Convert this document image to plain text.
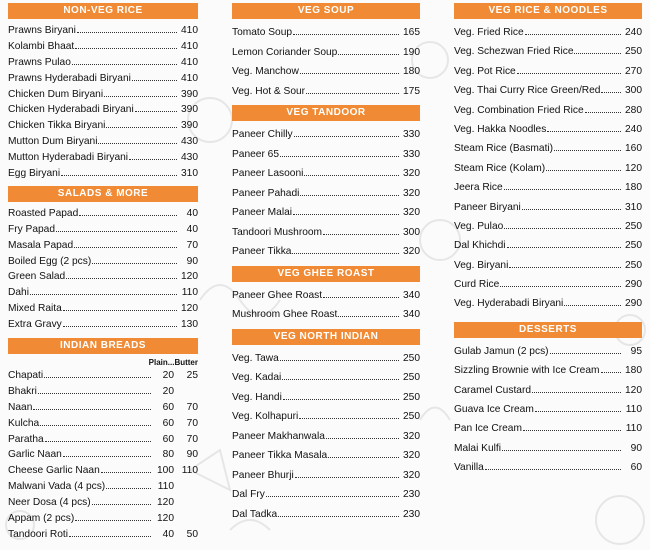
NON-VEG RICE
Prawns Biryani	410
Kolambi Bhaat	410
Prawns Pulao	410
Prawns Hyderabadi Biryani	410
Chicken Dum Biryani	390
Chicken Hyderabadi Biryani	390
Chicken Tikka Biryani	390
Mutton Dum Biryani	430
Mutton Hyderabadi Biryani	430
Egg Biryani	310
SALADS & MORE
Roasted Papad	40
Fry Papad	40
Masala Papad	70
Boiled Egg (2 pcs)	90
Green Salad	120
Dahi	110
Mixed Raita	120
Extra Gravy	130
INDIAN BREADS
Plain...Butter
Chapati	20	25
Bhakri	20
Naan	60	70
Kulcha	60	70
Paratha	60	70
Garlic Naan	80	90
Cheese Garlic Naan	100 110
Malwani Vada (4 pcs)	110
Neer Dosa (4 pcs)	120
Appam (2 pcs)	120
Tandoori Roti	40	50
VEG SOUP
Tomato Soup	165
Lemon Coriander Soup	190
Veg. Manchow	180
Veg. Hot & Sour	175
VEG TANDOOR
Paneer Chilly	330
Paneer 65	330
Paneer Lasooni	320
Paneer Pahadi	320
Paneer Malai	320
Tandoori Mushroom	300
Paneer Tikka	320
VEG GHEE ROAST
Paneer Ghee Roast	340
Mushroom Ghee Roast	340
VEG NORTH INDIAN
Veg. Tawa	250
Veg. Kadai	250
Veg. Handi	250
Veg. Kolhapuri	250
Paneer Makhanwala	320
Paneer Tikka Masala	320
Paneer Bhurji	320
Dal Fry	230
Dal Tadka	230
VEG RICE & NOODLES
Veg. Fried Rice	240
Veg. Schezwan Fried Rice	250
Veg. Pot Rice	270
Veg. Thai Curry Rice Green/Red 300
Veg. Combination Fried Rice	280
Veg. Hakka Noodles	240
Steam Rice (Basmati)	160
Steam Rice (Kolam)	120
Jeera Rice	180
Paneer Biryani	310
Veg. Pulao	250
Dal Khichdi	250
Veg. Biryani	250
Curd Rice	290
Veg. Hyderabadi Biryani	290
DESSERTS
Gulab Jamun (2 pcs)	95
Sizzling Brownie with Ice Cream 180
Caramel Custard	120
Guava Ice Cream	110
Pan Ice Cream	110
Malai Kulfi	90
Vanilla	60
